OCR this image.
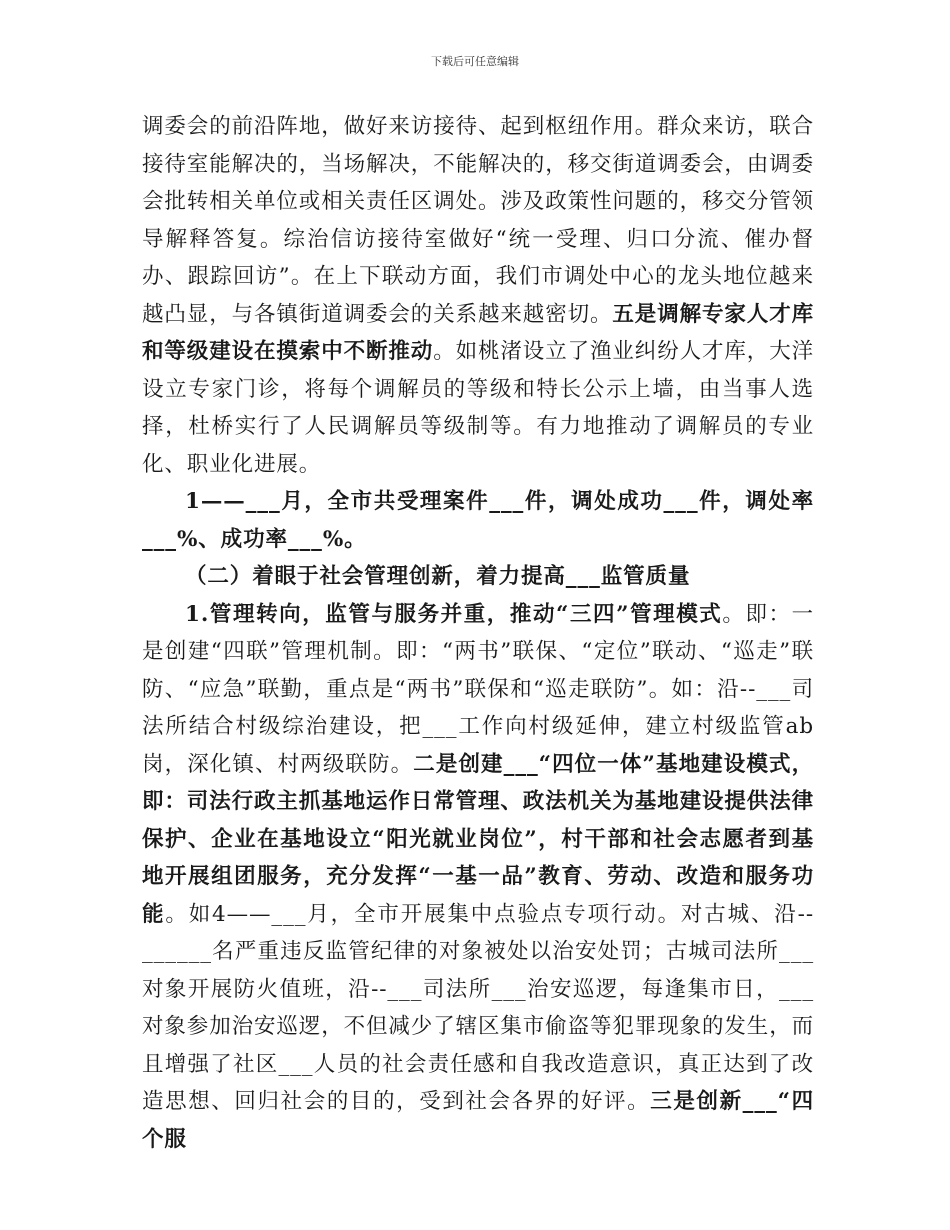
下载后可任意编辑

调委会的前沿阵地，做好来访接待、起到枢纽作用。群众来访，联合接待室能解决的，当场解决，不能解决的，移交街道调委会，由调委会批转相关单位或相关责任区调处。涉及政策性问题的，移交分管领导解释答复。综治信访接待室做好“统一受理、归口分流、催办督办、跟踪回访”。在上下联动方面，我们市调处中心的龙头地位越来越凸显，与各镇街道调委会的关系越来越密切。五是调解专家人才库和等级建设在摸索中不断推动。如桃渚设立了渔业纠纷人才库，大洋设立专家门诊，将每个调解员的等级和特长公示上墙，由当事人选择，杜桥实行了人民调解员等级制等。有力地推动了调解员的专业化、职业化进展。

1——___月，全市共受理案件___件，调处成功___件，调处率___%、成功率___%。

（二）着眼于社会管理创新，着力提高___监管质量

1.管理转向，监管与服务并重，推动“三四”管理模式。即：一是创建“四联”管理机制。即：“两书”联保、“定位”联动、“巡走”联防、“应急”联勤，重点是“两书”联保和“巡走联防”。如：沿--___司法所结合村级综治建设，把___工作向村级延伸，建立村级监管ab岗，深化镇、村两级联防。二是创建___“四位一体”基地建设模式，即：司法行政主抓基地运作日常管理、政法机关为基地建设提供法律保护、企业在基地设立“阳光就业岗位”，村干部和社会志愿者到基地开展组团服务，充分发挥“一基一品”教育、劳动、改造和服务功能。如4——___月，全市开展集中点验点专项行动。对古城、沿--______名严重违反监管纪律的对象被处以治安处罚；古城司法所___对象开展防火值班，沿--___司法所___治安巡逻，每逢集市日，___对象参加治安巡逻，不但减少了辖区集市偷盗等犯罪现象的发生，而且增强了社区___人员的社会责任感和自我改造意识，真正达到了改造思想、回归社会的目的，受到社会各界的好评。三是创新___“四个服
